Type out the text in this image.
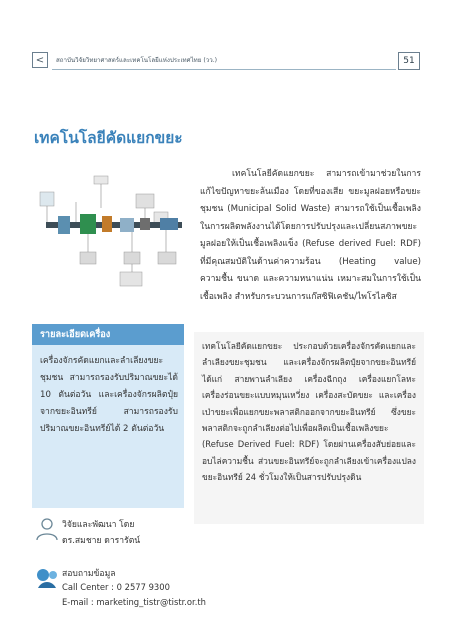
< สถาบันวิจัยวิทยาศาสตร์และเทคโนโลยีแห่งประเทศไทย (วว.)	51
เทคโนโลยีคัดแยกขยะ
เทคโนโลยีคัดแยกขยะ สามารถเข้ามาช่วยในการแก้ไขปัญหาขยะล้นเมือง โดยที่ของเสีย ขยะมูลฝอยหรือขยะชุมชน (Municipal Solid Waste) สามารถใช้เป็นเชื้อเพลิงในการผลิตพลังงานได้โดยการปรับปรุงและเปลี่ยนสภาพขยะมูลฝอยให้เป็นเชื้อเพลิงแข็ง (Refuse derived Fuel: RDF) ที่มีคุณสมบัติในด้านค่าความร้อน (Heating value) ความชื้น ขนาด และความหนาแน่น เหมาะสมในการใช้เป็นเชื้อเพลิง สำหรับกระบวนการแก๊สซิฟิเคชัน/ไพโรไลซิส
รายละเอียดเครื่อง
เครื่องจักรคัดแยกและลำเลียงขยะชุมชน สามารถรองรับปริมาณขยะได้ 10 ตันต่อวัน และเครื่องจักรผลิตปุ๋ยจากขยะอินทรีย์ สามารถรองรับปริมาณขยะอินทรีย์ได้ 2 ตันต่อวัน
เทคโนโลยีคัดแยกขยะ ประกอบด้วยเครื่องจักรคัดแยกและลำเลียงขยะชุมชน และเครื่องจักรผลิตปุ๋ยจากขยะอินทรีย์ ได้แก่ สายพานลำเลียง เครื่องฉีกถุง เครื่องแยกโลหะ เครื่องร่อนขยะแบบหมุนเหวี่ยง เครื่องสะบัดขยะ และเครื่องเป่าขยะเพื่อแยกขยะพลาสติกออกจากขยะอินทรีย์ ซึ่งขยะพลาสติกจะถูกลำเลียงต่อไปเพื่อผลิตเป็นเชื้อเพลิงขยะ (Refuse Derived Fuel: RDF) โดยผ่านเครื่องสับย่อยและอบไล่ความชื้น ส่วนขยะอินทรีย์จะถูกลำเลียงเข้าเครื่องแปลงขยะอินทรีย์ 24 ชั่วโมงให้เป็นสารปรับปรุงดิน
วิจัยและพัฒนา โดย
ดร.สมชาย ดารารัตน์
สอบถามข้อมูล
Call Center : 0 2577 9300
E-mail : marketing_tistr@tistr.or.th
